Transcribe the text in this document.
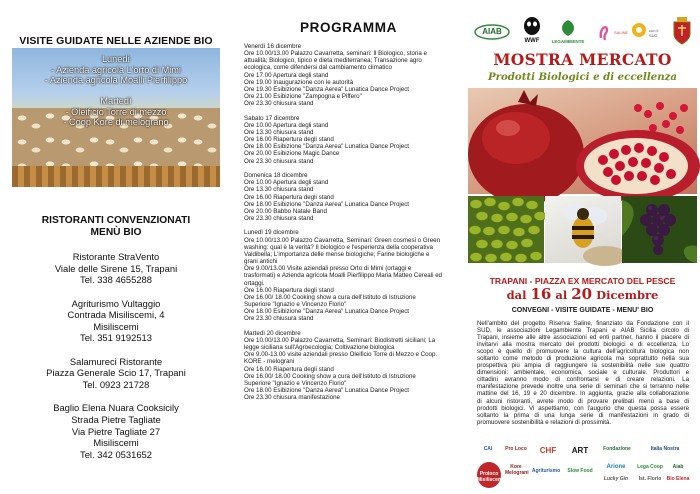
VISITE GUIDATE NELLE AZIENDE BIO
Lunedì
- Azienda agricola L'orto di Mimi
- Azienda agricola Moalli Pierfilippo
Martedì
- Oleificio Torre di mezzo
- Coop Kore di melograno
RISTORANTI CONVENZIONATI
MENÙ BIO
Ristorante StraVento
Viale delle Sirene 15, Trapani
Tel. 338 4655288
Agriturismo Vultaggio
Contrada Misiliscemi, 4
Misiliscemi
Tel. 351 9192513
Salamureci Ristorante
Piazza Generale Scio 17, Trapani
Tel. 0923 21728
Baglio Elena Nuara Cooksicily
Strada Pietre Tagliate
Via Pietre Tagliate 27
Misiliscemi
Tel. 342 0531652
PROGRAMMA
Venerdì 16 dicembre
Ore 10.00/13.00 Palazzo Cavarretta, seminari: Il Biologico, storia e
attualità; Biologico, tipico e dieta mediterranea; Transazione agro
ecologica, come difendersi dal cambiamento climatico
Ore 17.00 Apertura degli stand
Ore 19.00 Inaugurazione con le autorità
Ore 19.30 Esibizione "Danza Aerea" Lunatica Dance Project
Ore 21.00 Esibizione "Zampogna e Piffero"
Ore 23.30 chiusura stand
Sabato 17 dicembre
Ore 10.00 Apertura degli stand
Ore 13.30 chiusura stand
Ore 16.00 Riapertura degli stand
Ore 18.00 Esibizione "Danza Aerea" Lunatica Dance Project
Ore 20.00 Esibizione Magic Dance
Ore 23.30 chiusura stand
Domenica 18 dicembre
Ore 10.00 Apertura degli stand
Ore 13.30 chiusura stand
Ore 16.00 Riapertura degli stand
Ore 18.00 Esibizione "Danza Aerea" Lunatica Dance Project
Ore 20.00 Babbo Natale Band
Ore 23.30 chiusura stand
Lunedì 19 dicembre
Ore 10.00/13.00 Palazzo Cavarretta, Seminari: Green cosmesi o Green
washing: qual è la verità? Il biologico e l'esperienza della cooperativa
Valdibella; L'importanza delle mense biologiche; Farine biologiche e
grani antichi
Ore 9.00/13.00 Visite aziendali presso Orto di Mimi (ortaggi e
trasformati) e Azienda agricola Moalli Pierfilippo Maria Matteo Cereali ed
ortaggi.
Ore 16.00 Riapertura degli stand
Ore 16.00/ 18.00 Cooking show a cura dell'Istituto di Istruzione
Superiore "Ignazio e Vincenzo Florio"
Ore 18.00 Esibizione "Danza Aerea" Lunatica Dance Project
Ore 23.30 chiusura stand
Martedì 20 dicembre
Ore 10.00/13.00 Palazzo Cavarretta, Seminari: Biodistretti siciliani; La
legge siciliana sull'Agroecologia; Coltivazione biologica
Ore 9.00-13.00 visite aziendali presso Oleificio Torre di Mezzo e Coop.
KORE - melograni
Ore 16.00 Riapertura degli stand
Ore 16.00/ 18.00 Cooking show a cura dell'Istituto di Istruzione
Superiore "Ignazio e Vincenzo Florio"
Ore 18.00 Esibizione "Danza Aerea" Lunatica Dance Project
Ore 23.30 chiusura manifestazione
AIAB
WWF	LEGAMBIENTE
SALINE	con il
SUD
MOSTRA MERCATO
Prodotti Biologici e di eccellenza
TRAPANI - PIAZZA EX MERCATO DEL PESCE
dal 16 al 20 Dicembre
CONVEGNI - VISITE GUIDATE - MENU' BIO
Nell'ambito del progetto Riserva Saline, finanziato da Fondazione con il
SUD, le associazioni Legambiente Trapani e AIAB Sicilia circolo di
Trapani, insieme alle altre associazioni ed enti partner, hanno il piacere di
invitarvi alla mostra mercato dei prodotti biologici e di eccellenza. Lo
scopo è quello di promuovere la cultura dell'agricoltura biologica non
soltanto come metodo di produzione agricola ma soprattutto nella sua
prospettiva più ampia di raggiungere la sostenibilità nelle sue quattro
dimensioni: ambientale, economica, sociale e culturale. Produttori e
cittadini avranno modo di confrontarsi e di creare relazioni. La
manifestazione prevede inoltre una serie di seminari che si terranno nelle
mattine del 16, 19 e 20 dicembre. In aggiunta, grazie alla collaborazione
di alcuni ristoranti, avrete modo di provare prelibati menù a base di
prodotti biologici. Vi aspettiamo, con l'augurio che questa possa essere
soltanto la prima di una lunga serie di manifestazioni in grado di
promuovere sostenibilità e relazioni di prossimità.
CAI	Pro Loco	CHF	ART	Fondazione	Italia Nostra
Proloco Misiliscemi
Kore Melograni Agriturismo	Slow Food
Arione
Lucky Gin
Lega Coop	Aiab
Ist. Florio	Bio Elena
